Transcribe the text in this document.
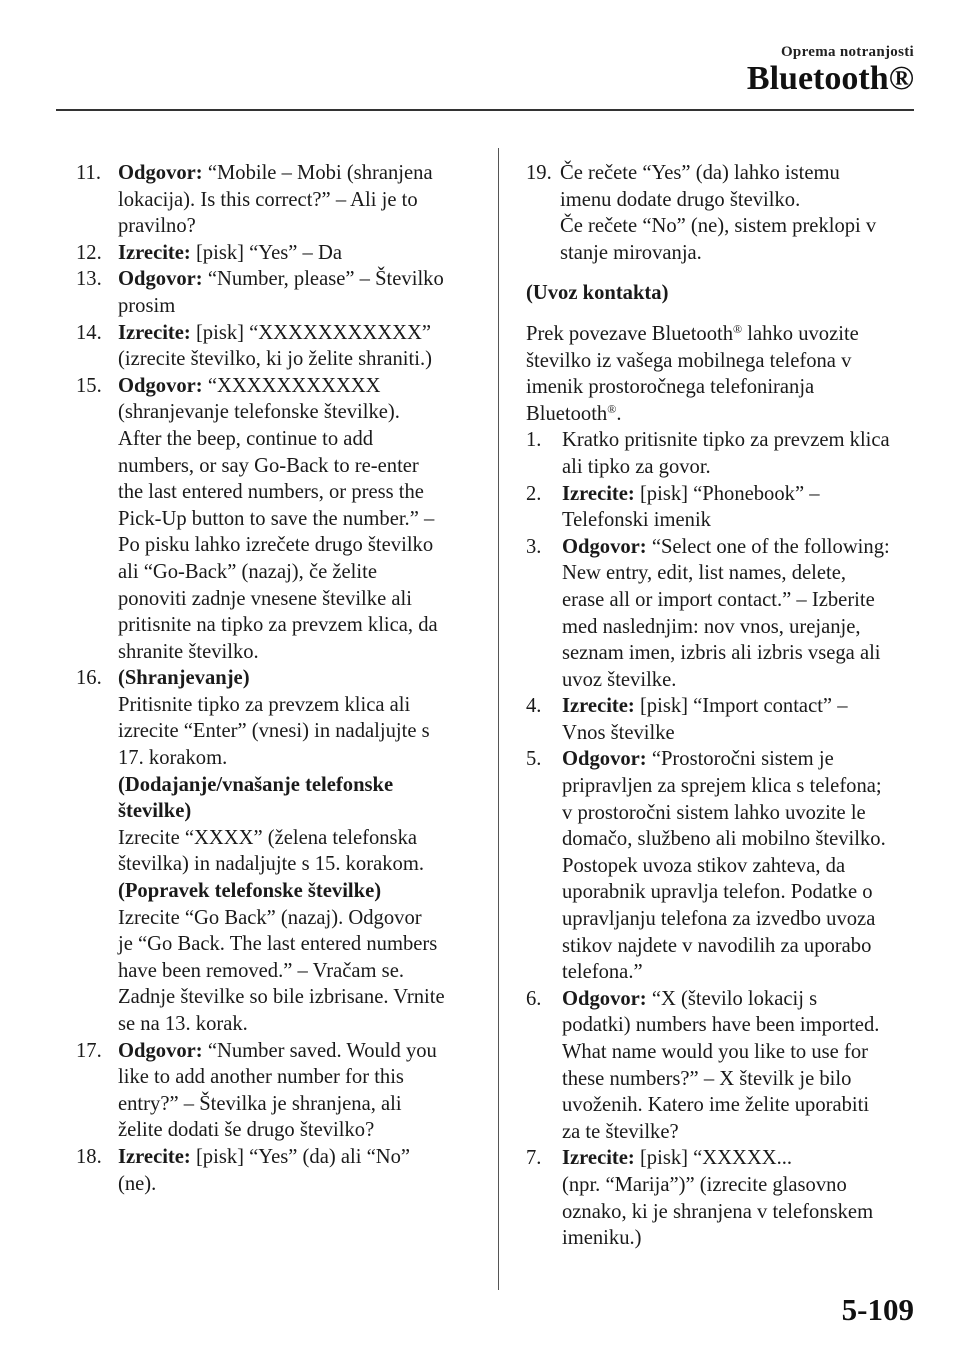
Oprema notranjosti
Bluetooth®
11. Odgovor: “Mobile – Mobi (shranjena
lokacija). Is this correct?” – Ali je to
pravilno?
12. Izrecite: [pisk] “Yes” – Da
13. Odgovor: “Number, please” – Številko
prosim
14. Izrecite: [pisk] “XXXXXXXXXXX”
(izrecite številko, ki jo želite shraniti.)
15. Odgovor: “XXXXXXXXXXX
(shranjevanje telefonske številke).
After the beep, continue to add
numbers, or say Go-Back to re-enter
the last entered numbers, or press the
Pick-Up button to save the number.” –
Po pisku lahko izrečete drugo številko
ali “Go-Back” (nazaj), če želite
ponoviti zadnje vnesene številke ali
pritisnite na tipko za prevzem klica, da
shranite številko.
16. (Shranjevanje)
Pritisnite tipko za prevzem klica ali
izrecite “Enter” (vnesi) in nadaljujte s
17. korakom.
(Dodajanje/vnašanje telefonske
številke)
Izrecite “XXXX” (želena telefonska
številka) in nadaljujte s 15. korakom.
(Popravek telefonske številke)
Izrecite “Go Back” (nazaj). Odgovor
je “Go Back. The last entered numbers
have been removed.” – Vračam se.
Zadnje številke so bile izbrisane. Vrnite
se na 13. korak.
17. Odgovor: “Number saved. Would you
like to add another number for this
entry?” – Številka je shranjena, ali
želite dodati še drugo številko?
18. Izrecite: [pisk] “Yes” (da) ali “No”
(ne).
19. Če rečete “Yes” (da) lahko istemu
imenu dodate drugo številko.
Če rečete “No” (ne), sistem preklopi v
stanje mirovanja.
(Uvoz kontakta)
Prek povezave Bluetooth® lahko uvozite
številko iz vašega mobilnega telefona v
imenik prostoročnega telefoniranja
Bluetooth®.
1. Kratko pritisnite tipko za prevzem klica
ali tipko za govor.
2. Izrecite: [pisk] “Phonebook” –
Telefonski imenik
3. Odgovor: “Select one of the following:
New entry, edit, list names, delete,
erase all or import contact.” – Izberite
med naslednjim: nov vnos, urejanje,
seznam imen, izbris ali izbris vsega ali
uvoz številke.
4. Izrecite: [pisk] “Import contact” –
Vnos številke
5. Odgovor: “Prostoročni sistem je
pripravljen za sprejem klica s telefona;
v prostoročni sistem lahko uvozite le
domačo, službeno ali mobilno številko.
Postopek uvoza stikov zahteva, da
uporabnik upravlja telefon. Podatke o
upravljanju telefona za izvedbo uvoza
stikov najdete v navodilih za uporabo
telefona.”
6. Odgovor: “X (število lokacij s
podatki) numbers have been imported.
What name would you like to use for
these numbers?” – X številk je bilo
uvoženih. Katero ime želite uporabiti
za te številke?
7. Izrecite: [pisk] “XXXXX...
(npr. “Marija”)” (izrecite glasovno
oznako, ki je shranjena v telefonskem
imeniku.)
5-109
